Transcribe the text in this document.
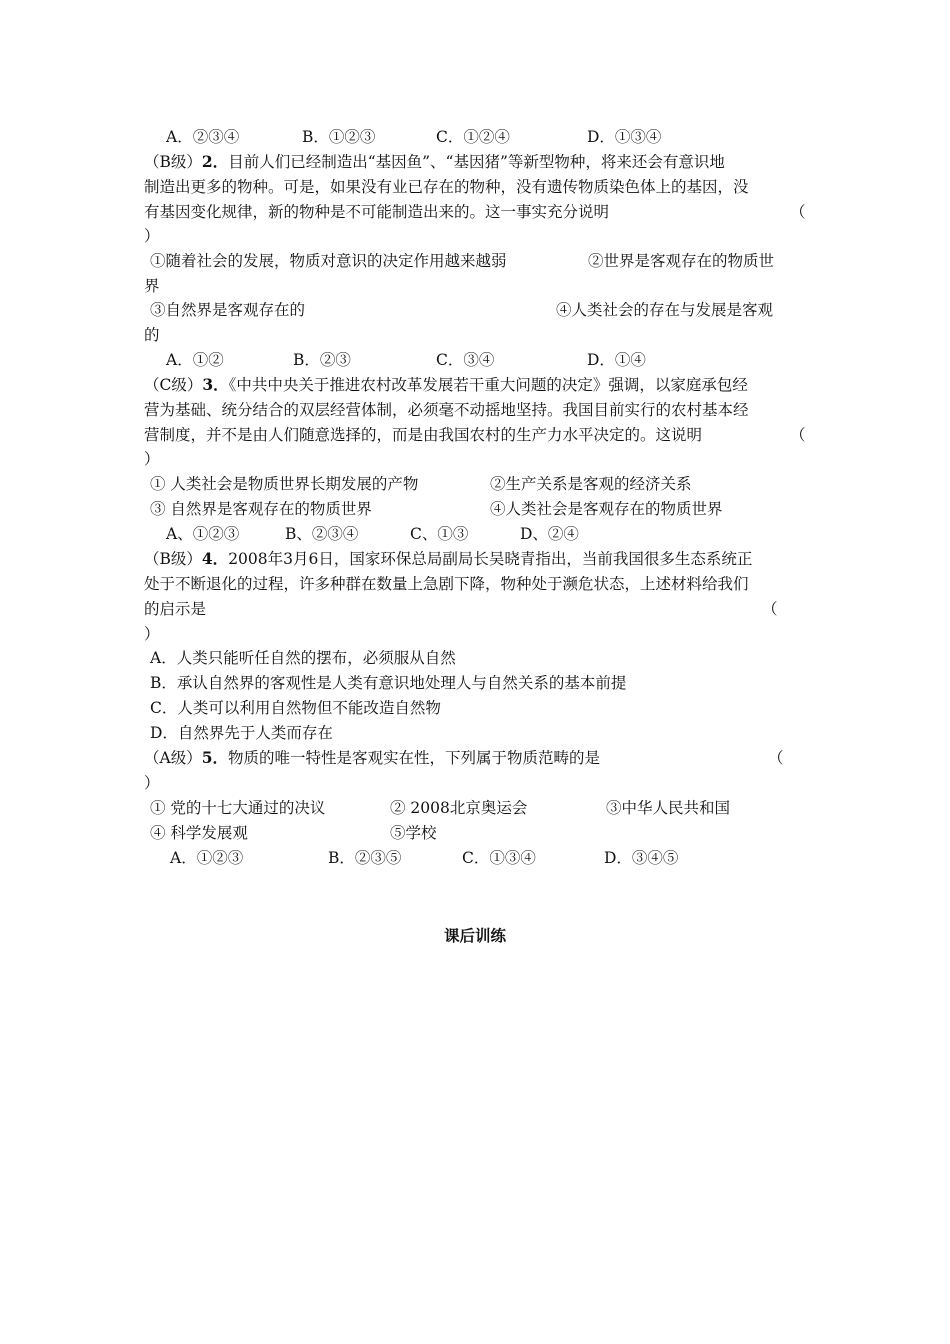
A．②③④	B．①②③	C．①②④	D．①③④
（B级）2．目前人们已经制造出“基因鱼”、“基因猪”等新型物种，将来还会有意识地
制造出更多的物种。可是，如果没有业已存在的物种，没有遗传物质染色体上的基因，没
有基因变化规律，新的物种是不可能制造出来的。这一事实充分说明	（
）
①随着社会的发展，物质对意识的决定作用越来越弱	②世界是客观存在的物质世
界
③自然界是客观存在的	④人类社会的存在与发展是客观
的
A．①②	B．②③	C．③④	D．①④
（C级）3．《中共中央关于推进农村改革发展若干重大问题的决定》强调，以家庭承包经
营为基础、统分结合的双层经营体制，必须毫不动摇地坚持。我国目前实行的农村基本经
营制度，并不是由人们随意选择的，而是由我国农村的生产力水平决定的。这说明	（
）
① 人类社会是物质世界长期发展的产物	②生产关系是客观的经济关系
③ 自然界是客观存在的物质世界	④人类社会是客观存在的物质世界
A、①②③	B、②③④	C、①③	D、②④
（B级）4．2008年3月6日，国家环保总局副局长吴晓青指出，当前我国很多生态系统正
处于不断退化的过程，许多种群在数量上急剧下降，物种处于濒危状态，上述材料给我们
的启示是	（
）
A．人类只能听任自然的摆布，必须服从自然
B．承认自然界的客观性是人类有意识地处理人与自然关系的基本前提
C．人类可以利用自然物但不能改造自然物
D．自然界先于人类而存在
（A级）5．物质的唯一特性是客观实在性，下列属于物质范畴的是	（
）
① 党的十七大通过的决议	② 2008北京奥运会	③中华人民共和国
④ 科学发展观	⑤学校
A．①②③	B．②③⑤	C．①③④	D．③④⑤
课后训练
